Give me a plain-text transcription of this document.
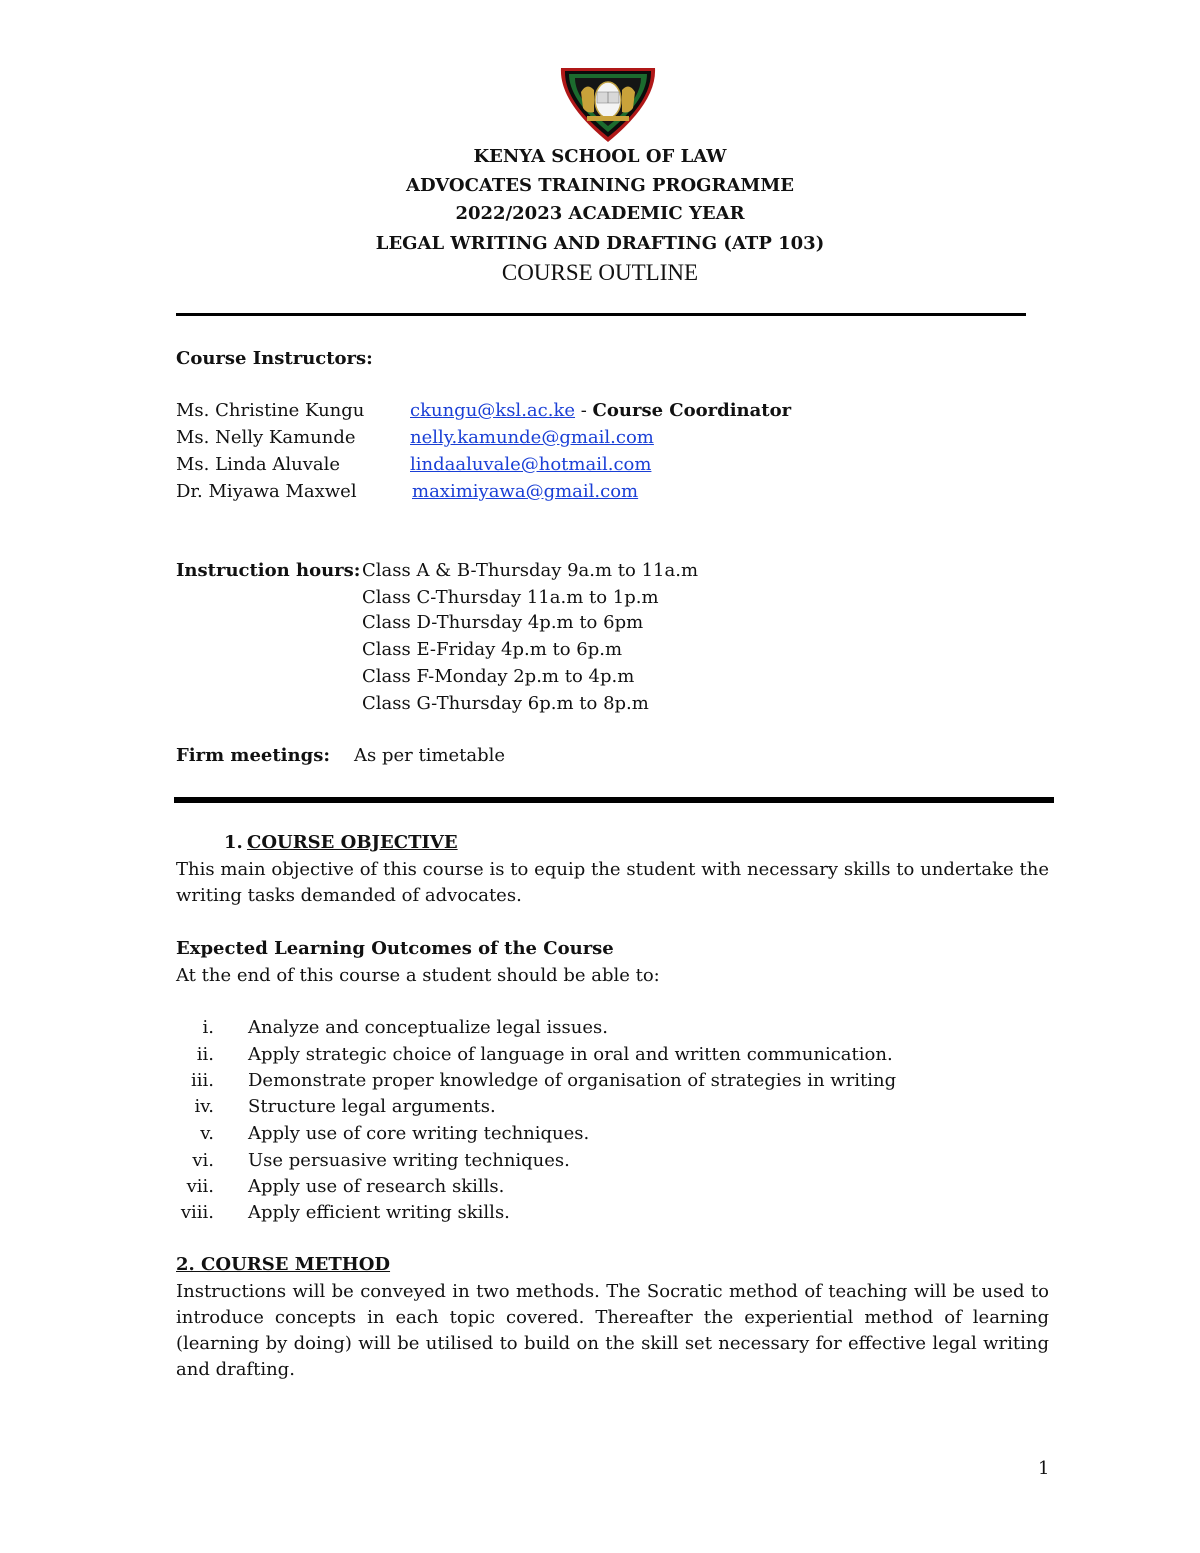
KENYA SCHOOL OF LAW
ADVOCATES TRAINING PROGRAMME
2022/2023 ACADEMIC YEAR
LEGAL WRITING AND DRAFTING (ATP 103)
COURSE OUTLINE
Course Instructors:
Ms. Christine Kungu	ckungu@ksl.ac.ke - Course Coordinator
Ms. Nelly Kamunde	nelly.kamunde@gmail.com
Ms. Linda Aluvale	lindaaluvale@hotmail.com
Dr. Miyawa Maxwel	maximiyawa@gmail.com
Instruction hours: Class A & B-Thursday 9a.m to 11a.m
Class C-Thursday 11a.m to 1p.m
Class D-Thursday 4p.m to 6pm
Class E-Friday 4p.m to 6p.m
Class F-Monday 2p.m to 4p.m
Class G-Thursday 6p.m to 8p.m
Firm meetings: As per timetable
1. COURSE OBJECTIVE
This main objective of this course is to equip the student with necessary skills to undertake the writing tasks demanded of advocates.
Expected Learning Outcomes of the Course
At the end of this course a student should be able to:
i. Analyze and conceptualize legal issues.
ii. Apply strategic choice of language in oral and written communication.
iii. Demonstrate proper knowledge of organisation of strategies in writing
iv. Structure legal arguments.
v. Apply use of core writing techniques.
vi. Use persuasive writing techniques.
vii. Apply use of research skills.
viii. Apply efficient writing skills.
2. COURSE METHOD
Instructions will be conveyed in two methods. The Socratic method of teaching will be used to introduce concepts in each topic covered. Thereafter the experiential method of learning (learning by doing) will be utilised to build on the skill set necessary for effective legal writing and drafting.
1
